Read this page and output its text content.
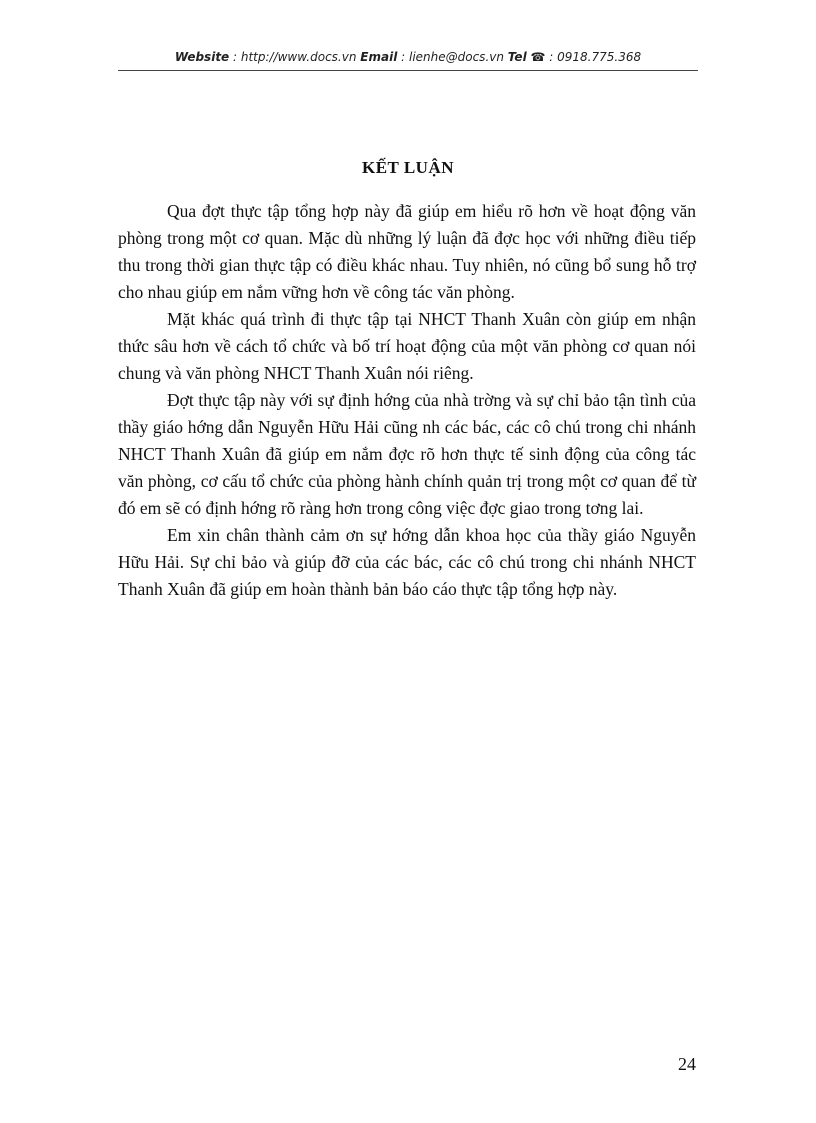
Website : http://www.docs.vn Email : lienhe@docs.vn Tel ☎ : 0918.775.368
KẾT LUẬN

Qua đợt thực tập tổng hợp này đã giúp em hiểu rõ hơn về hoạt động văn phòng trong một cơ quan. Mặc dù những lý luận đã đợc học với những điều tiếp thu trong thời gian thực tập có điều khác nhau. Tuy nhiên, nó cũng bổ sung hỗ trợ cho nhau giúp em nắm vững hơn về công tác văn phòng.

Mặt khác quá trình đi thực tập tại NHCT Thanh Xuân còn giúp em nhận thức sâu hơn về cách tổ chức và bố trí hoạt động của một văn phòng cơ quan nói chung và văn phòng NHCT Thanh Xuân nói riêng.

Đợt thực tập này với sự định hớng của nhà trờng và sự chỉ bảo tận tình của thầy giáo hớng dẫn Nguyễn Hữu Hải cũng nh các bác, các cô chú trong chi nhánh NHCT Thanh Xuân đã giúp em nắm đợc rõ hơn thực tế sinh động của công tác văn phòng, cơ cấu tổ chức của phòng hành chính quản trị trong một cơ quan để từ đó em sẽ có định hớng rõ ràng hơn trong công việc đợc giao trong tơng lai.

Em xin chân thành cảm ơn sự hớng dẫn khoa học của thầy giáo Nguyễn Hữu Hải. Sự chỉ bảo và giúp đỡ của các bác, các cô chú trong chi nhánh NHCT Thanh Xuân đã giúp em hoàn thành bản báo cáo thực tập tổng hợp này.

24
